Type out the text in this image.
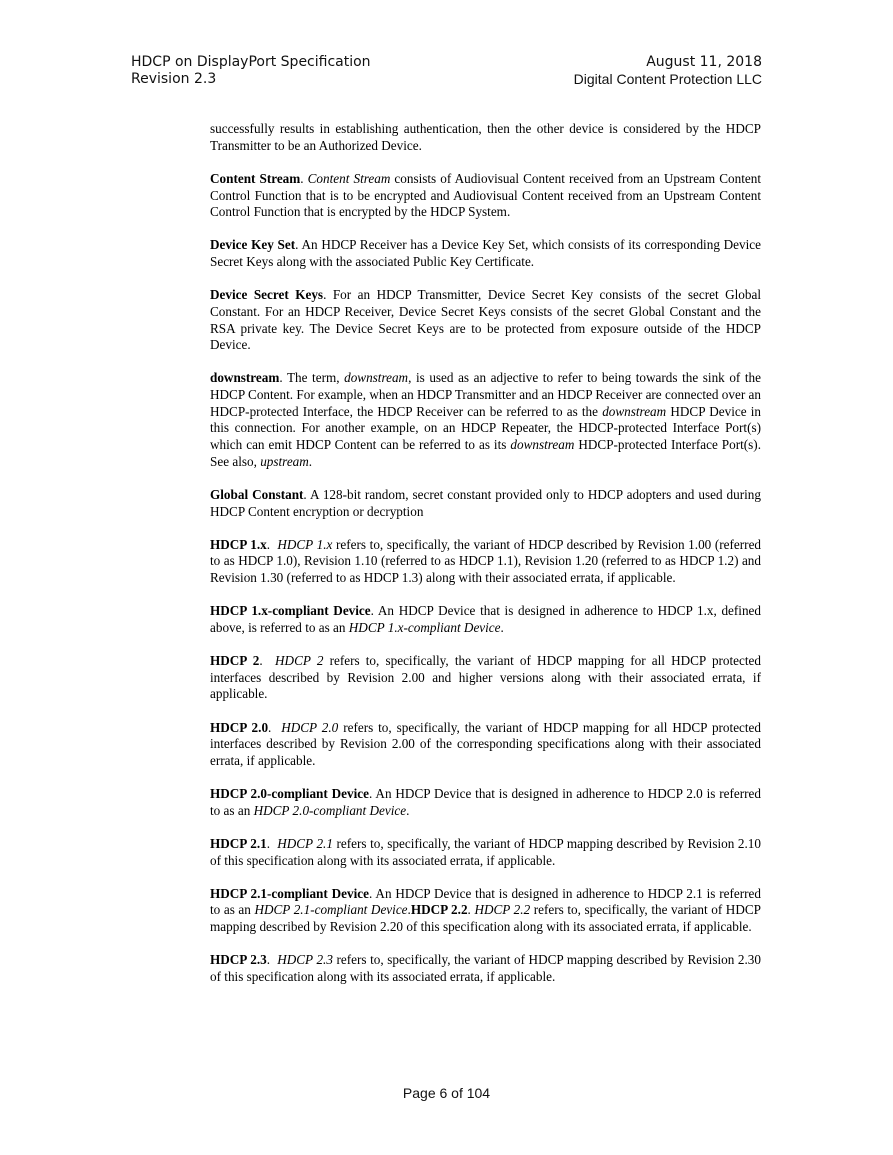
HDCP on DisplayPort Specification
Revision 2.3
August 11, 2018
Digital Content Protection LLC

successfully results in establishing authentication, then the other device is considered by the HDCP Transmitter to be an Authorized Device.

Content Stream. Content Stream consists of Audiovisual Content received from an Upstream Content Control Function that is to be encrypted and Audiovisual Content received from an Upstream Content Control Function that is encrypted by the HDCP System.

Device Key Set. An HDCP Receiver has a Device Key Set, which consists of its corresponding Device Secret Keys along with the associated Public Key Certificate.

Device Secret Keys. For an HDCP Transmitter, Device Secret Key consists of the secret Global Constant. For an HDCP Receiver, Device Secret Keys consists of the secret Global Constant and the RSA private key. The Device Secret Keys are to be protected from exposure outside of the HDCP Device.

downstream. The term, downstream, is used as an adjective to refer to being towards the sink of the HDCP Content. For example, when an HDCP Transmitter and an HDCP Receiver are connected over an HDCP-protected Interface, the HDCP Receiver can be referred to as the downstream HDCP Device in this connection. For another example, on an HDCP Repeater, the HDCP-protected Interface Port(s) which can emit HDCP Content can be referred to as its downstream HDCP-protected Interface Port(s). See also, upstream.

Global Constant. A 128-bit random, secret constant provided only to HDCP adopters and used during HDCP Content encryption or decryption

HDCP 1.x.  HDCP 1.x refers to, specifically, the variant of HDCP described by Revision 1.00 (referred to as HDCP 1.0), Revision 1.10 (referred to as HDCP 1.1), Revision 1.20 (referred to as HDCP 1.2) and Revision 1.30 (referred to as HDCP 1.3) along with their associated errata, if applicable.

HDCP 1.x-compliant Device. An HDCP Device that is designed in adherence to HDCP 1.x, defined above, is referred to as an HDCP 1.x-compliant Device.

HDCP 2.  HDCP 2 refers to, specifically, the variant of HDCP mapping for all HDCP protected interfaces described by Revision 2.00 and higher versions along with their associated errata, if applicable.

HDCP 2.0.  HDCP 2.0 refers to, specifically, the variant of HDCP mapping for all HDCP protected interfaces described by Revision 2.00 of the corresponding specifications along with their associated errata, if applicable.

HDCP 2.0-compliant Device. An HDCP Device that is designed in adherence to HDCP 2.0 is referred to as an HDCP 2.0-compliant Device.

HDCP 2.1.  HDCP 2.1 refers to, specifically, the variant of HDCP mapping described by Revision 2.10 of this specification along with its associated errata, if applicable.

HDCP 2.1-compliant Device. An HDCP Device that is designed in adherence to HDCP 2.1 is referred to as an HDCP 2.1-compliant Device.HDCP 2.2. HDCP 2.2 refers to, specifically, the variant of HDCP mapping described by Revision 2.20 of this specification along with its associated errata, if applicable.

HDCP 2.3.  HDCP 2.3 refers to, specifically, the variant of HDCP mapping described by Revision 2.30 of this specification along with its associated errata, if applicable.

Page 6 of 104
